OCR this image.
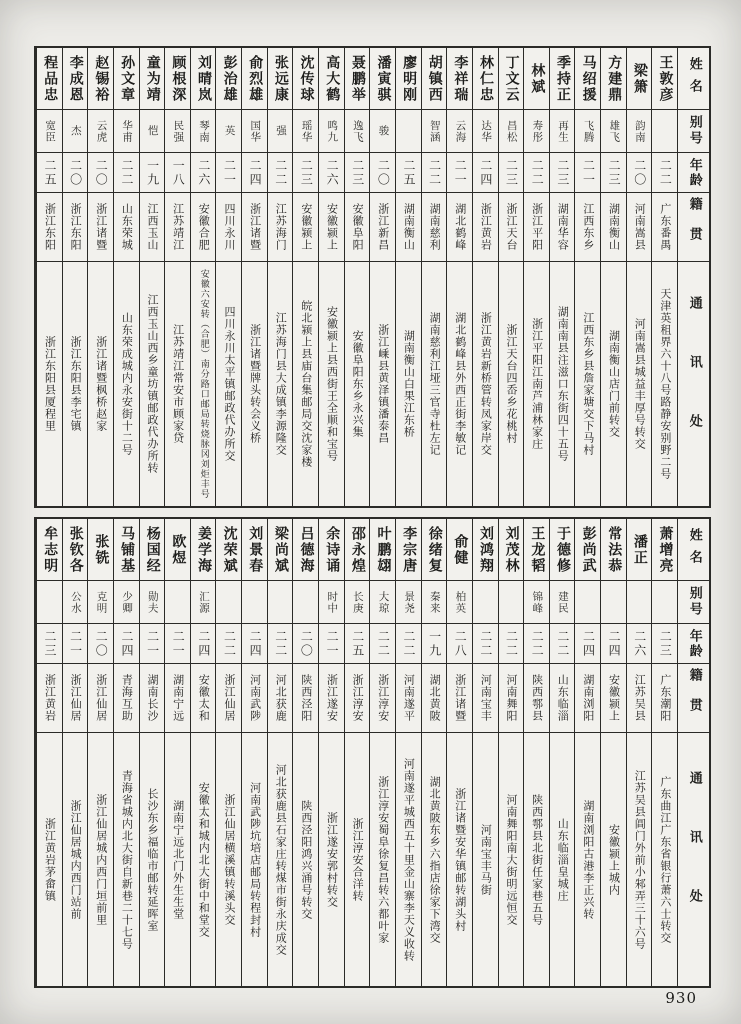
姓名
别号
年龄
籍贯
通讯处
王敦彦
二二
广东番禺
天津英租界六十八号路静安别野二号
梁箫
韵南
二〇
河南嵩县
河南嵩县城益丰厚号转交
方建鼎
雄飞
二三
湖南衡山
湖南衡山店门前转交
马绍援
飞腾
二一
江西东乡
江西东乡县詹家塘交下马村
季持正
再生
二三
湖南华容
湖南南县注滋口东街四十五号
林斌
寿彤
二二
浙江平阳
浙江平阳江南芦浦林家庄
丁文云
昌松
二三
浙江天台
浙江天台四岙乡花桃村
林仁忠
达华
二四
浙江黄岩
浙江黄岩新桥管转凤家岸交
李祥瑞
云海
二一
湖北鹤峰
湖北鹤峰县外西正街李敏记
胡镇西
智涵
二二
湖南慈利
湖南慈利江垭三官寺杜左记
廖明刚
二五
湖南衡山
湖南衡山白果江东桥
潘寅骐
骏
二〇
浙江新昌
浙江嵊县黄泽镇潘泰昌
聂鹏举
逸飞
二三
安徽阜阳
安徽阜阳东乡永兴集
高大鹤
鸣九
二六
安徽颍上
安徽颍上县西街王全顺和宝号
沈传球
瑶华
二三
安徽颍上
皖北颍上县庙台集邮局交沈家楼
张远康
强
二二
江苏海门
江苏海门县大成镇李源隆交
俞烈雄
国华
二四
浙江诸暨
浙江诸暨牌头转会义桥
彭治雄
英
二一
四川永川
四川永川太平镇邮政代办所交
刘晴岚
琴南
二六
安徽合肥
安徽六安转（合肥）南分路口邮局转烧脉冈刘炬丰号
顾根深
民强
一八
江苏靖江
江苏靖江常安市顾家贷
童为靖
恺
一九
江西玉山
江西玉山西乡童坊镇邮政代办所转
孙文章
华甫
二二
山东荣城
山东荣成城内永安街十二号
赵锡裕
云虎
二〇
浙江诸暨
浙江诸暨枫桥赵家
李成恩
杰
二〇
浙江东阳
浙江东阳县李宅镇
程品忠
宽臣
二五
浙江东阳
浙江东阳县厦程里
姓名
别号
年龄
籍贯
通讯处
萧增亮
二三
广东潮阳
广东曲江广东省银行萧六士转交
潘正
二六
江苏吴县
江苏吴县阊门外前小邾弄三十六号
常法恭
二四
安徽颍上
安徽颍上城内
彭尚武
二四
湖南浏阳
湖南浏阳古港李正兴转
于德修
建民
二二
山东临淄
山东临淄皇城庄
王龙韬
锦峰
二二
陕西鄠县
陕西鄠县北街任家巷五号
刘茂林
二二
河南舞阳
河南舞阳南大街明远恒交
刘鸿翔
二二
河南宝丰
河南宝丰马街
俞健
柏英
二八
浙江诸暨
浙江诸暨安华镇邮转湖头村
徐绪复
秦来
一九
湖北黄陂
湖北黄陂东乡六指店徐家下湾交
李宗唐
景尧
二二
河南遂平
河南遂平城西五十里金山寨李天义收转
叶鹏翃
大琼
二二
浙江淳安
浙江淳安蜀阜徐复昌转六都叶家
邵永煌
长庚
二五
浙江淳安
浙江淳安合洋转
余诗诵
时中
二一
浙江遂安
浙江遂安郭村转交
吕德海
二〇
陕西泾阳
陕西泾阳鸿兴涌号转交
梁尚斌
二二
河北获鹿
河北获鹿县石家庄转煤市街永庆成交
刘景春
二四
河南武陟
河南武陟坑培店邮局转程封村
沈荣斌
二二
浙江仙居
浙江仙居横溪镇转溪头交
姜学海
汇源
二四
安徽太和
安徽太和城内北大街中和堂交
欧煜
二一
湖南宁远
湖南宁远北门外生生堂
杨国经
勋夫
二一
湖南长沙
长沙东乡福临市邮转延晖室
马铺基
少卿
二四
青海互助
青海省城内北大街自新巷二十七号
张铣
克明
二〇
浙江仙居
浙江仙居城内西门垣前里
张钦各
公水
二一
浙江仙居
浙江仙居城内西门站前
牟志明
二三
浙江黄岩
浙江黄岩茅畲镇
930
